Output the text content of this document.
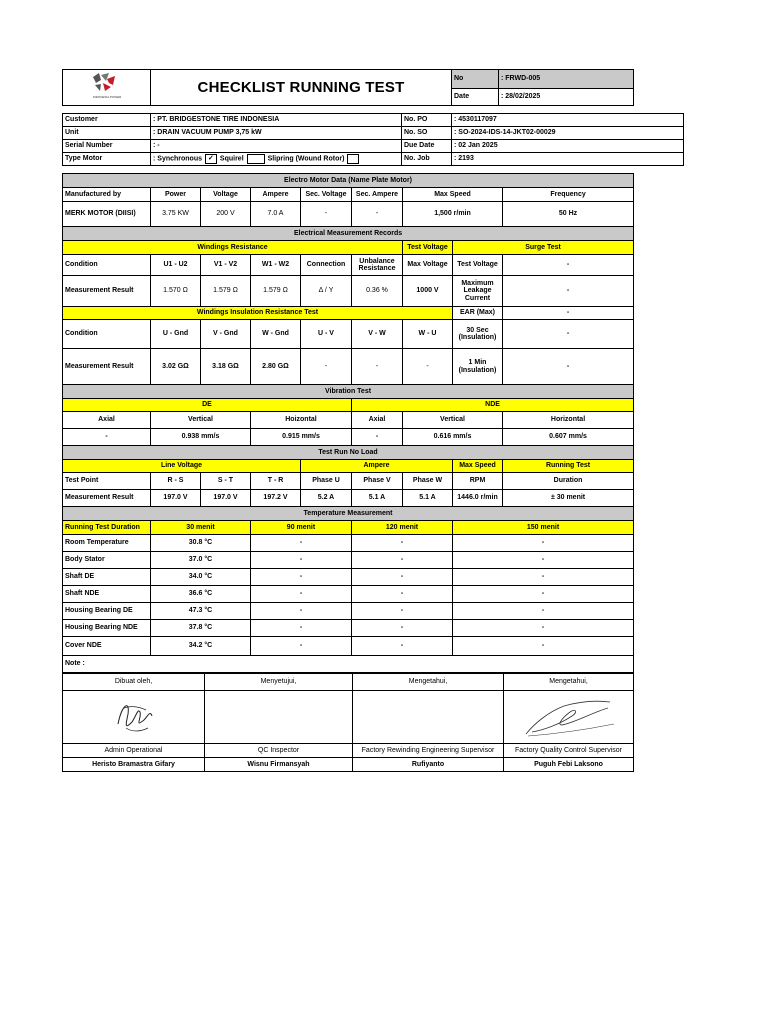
INDONESIA POWER	CHECKLIST RUNNING TEST	No	: FRWD-005
		Date	: 28/02/2025
Customer	: PT. BRIDGESTONE TIRE INDONESIA	No. PO	: 4530117097
Unit	: DRAIN VACUUM PUMP 3,75 kW	No. SO	: SO-2024-IDS-14-JKT02-00029
Serial Number	: -	Due Date	: 02 Jan 2025
Type Motor	: Synchronous ✓ Squirel Slipring (Wound Rotor)	No. Job	: 2193
Electro Motor Data (Name Plate Motor)								
Manufactured by	Power	Voltage	Ampere	Sec. Voltage	Sec. Ampere	Max Speed		Frequency
MERK MOTOR (DIISI)	3.75 KW	200 V	7.0 A	-	-	1,500 r/min		50 Hz
Electrical Measurement Records								
Windings Resistance						Test Voltage	Surge Test	
Condition	U1 - U2	V1 - V2	W1 - W2	Connection	Unbalance Resistance	Max Voltage	Test Voltage	-
Measurement Result	1.570 Ω	1.579 Ω	1.579 Ω	Δ / Y	0.36 %	1000 V	Maximum Leakage Current	-
Windings Insulation Resistance Test							EAR (Max)	-
Condition	U - Gnd	V - Gnd	W - Gnd	U - V	V - W	W - U	30 Sec (Insulation)	-
Measurement Result	3.02 GΩ	3.18 GΩ	2.80 GΩ	-	-	-	1 Min (Insulation)	-
Vibration Test								
DE					NDE			
Axial	Vertical		Hoizontal		Axial	Vertical		Horizontal
-	0.938 mm/s		0.915 mm/s		-	0.616 mm/s		0.607 mm/s
Test Run No Load								
Line Voltage				Ampere			Max Speed	Running Test
Test Point	R - S	S - T	T - R	Phase U	Phase V	Phase W	RPM	Duration
Measurement Result	197.0 V	197.0 V	197.2 V	5.2 A	5.1 A	5.1 A	1446.0 r/min	± 30 menit
Temperature Measurement								
Running Test Duration	30 menit		90 menit		120 menit		150 menit	
Room Temperature	30.8 °C		-		-		-	
Body Stator	37.0 °C		-		-		-	
Shaft DE	34.0 °C		-		-		-	
Shaft NDE	36.6 °C		-		-		-	
Housing Bearing DE	47.3 °C		-		-		-	
Housing Bearing NDE	37.8 °C		-		-		-	
Cover NDE	34.2 °C		-		-		-	
Note :								
Dibuat oleh,	Menyetujui,	Mengetahui,	Mengetahui,

Admin Operational	QC Inspector	Factory Rewinding Engineering Supervisor	Factory Quality Control Supervisor
Heristo Bramastra Gifary	Wisnu Firmansyah	Rufiyanto	Puguh Febi Laksono
